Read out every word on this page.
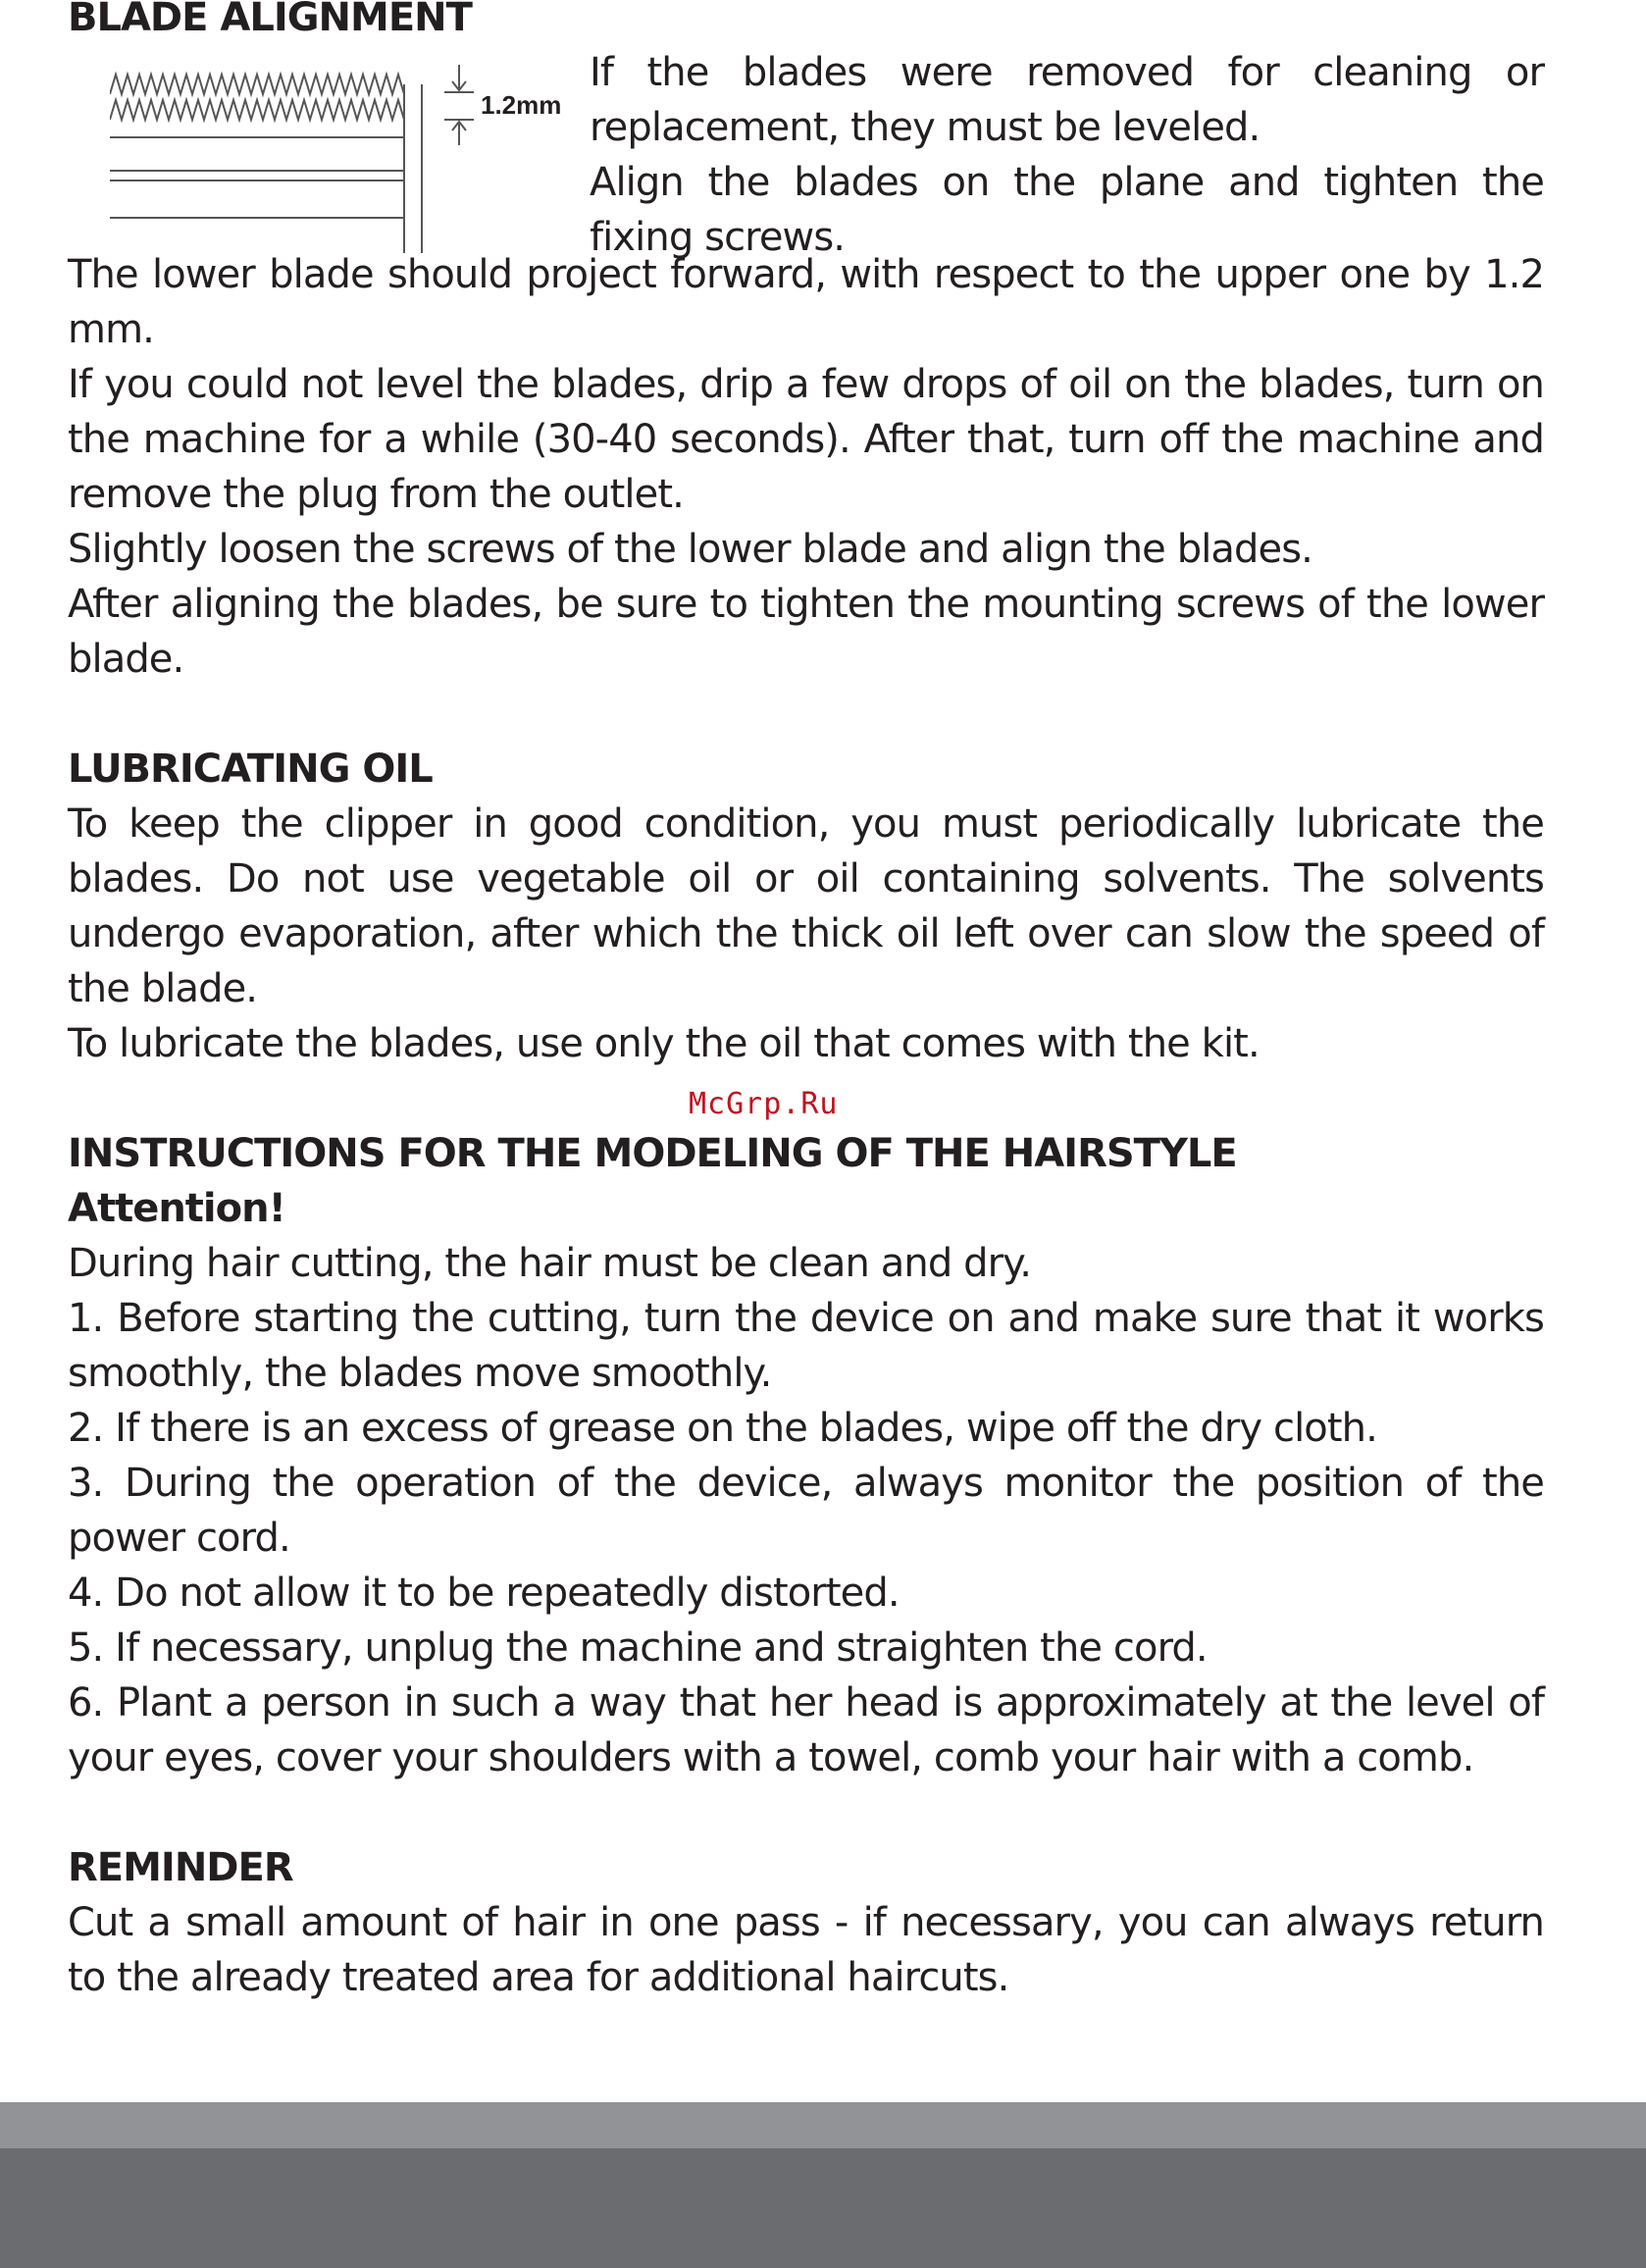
BLADE ALIGNMENT

1.2mm

If the blades were removed for cleaning or replacement, they must be leveled.

Align the blades on the plane and tighten the fixing screws.

The lower blade should project forward, with respect to the upper one by 1.2 mm.

If you could not level the blades, drip a few drops of oil on the blades, turn on the machine for a while (30-40 seconds). After that, turn off the machine and remove the plug from the outlet.

Slightly loosen the screws of the lower blade and align the blades.

After aligning the blades, be sure to tighten the mounting screws of the lower blade.

LUBRICATING OIL

To keep the clipper in good condition, you must periodically lubricate the blades. Do not use vegetable oil or oil containing solvents. The solvents undergo evaporation, after which the thick oil left over can slow the speed of the blade.

To lubricate the blades, use only the oil that comes with the kit.

INSTRUCTIONS FOR THE MODELING OF THE HAIRSTYLE

Attention!

During hair cutting, the hair must be clean and dry.

1. Before starting the cutting, turn the device on and make sure that it works smoothly, the blades move smoothly.

2. If there is an excess of grease on the blades, wipe off the dry cloth.

3. During the operation of the device, always monitor the position of the power cord.

4. Do not allow it to be repeatedly distorted.

5. If necessary, unplug the machine and straighten the cord.

6. Plant a person in such a way that her head is approximately at the level of your eyes, cover your shoulders with a towel, comb your hair with a comb.

REMINDER

Cut a small amount of hair in one pass - if necessary, you can always return to the already treated area for additional haircuts.

McGrp.Ru
